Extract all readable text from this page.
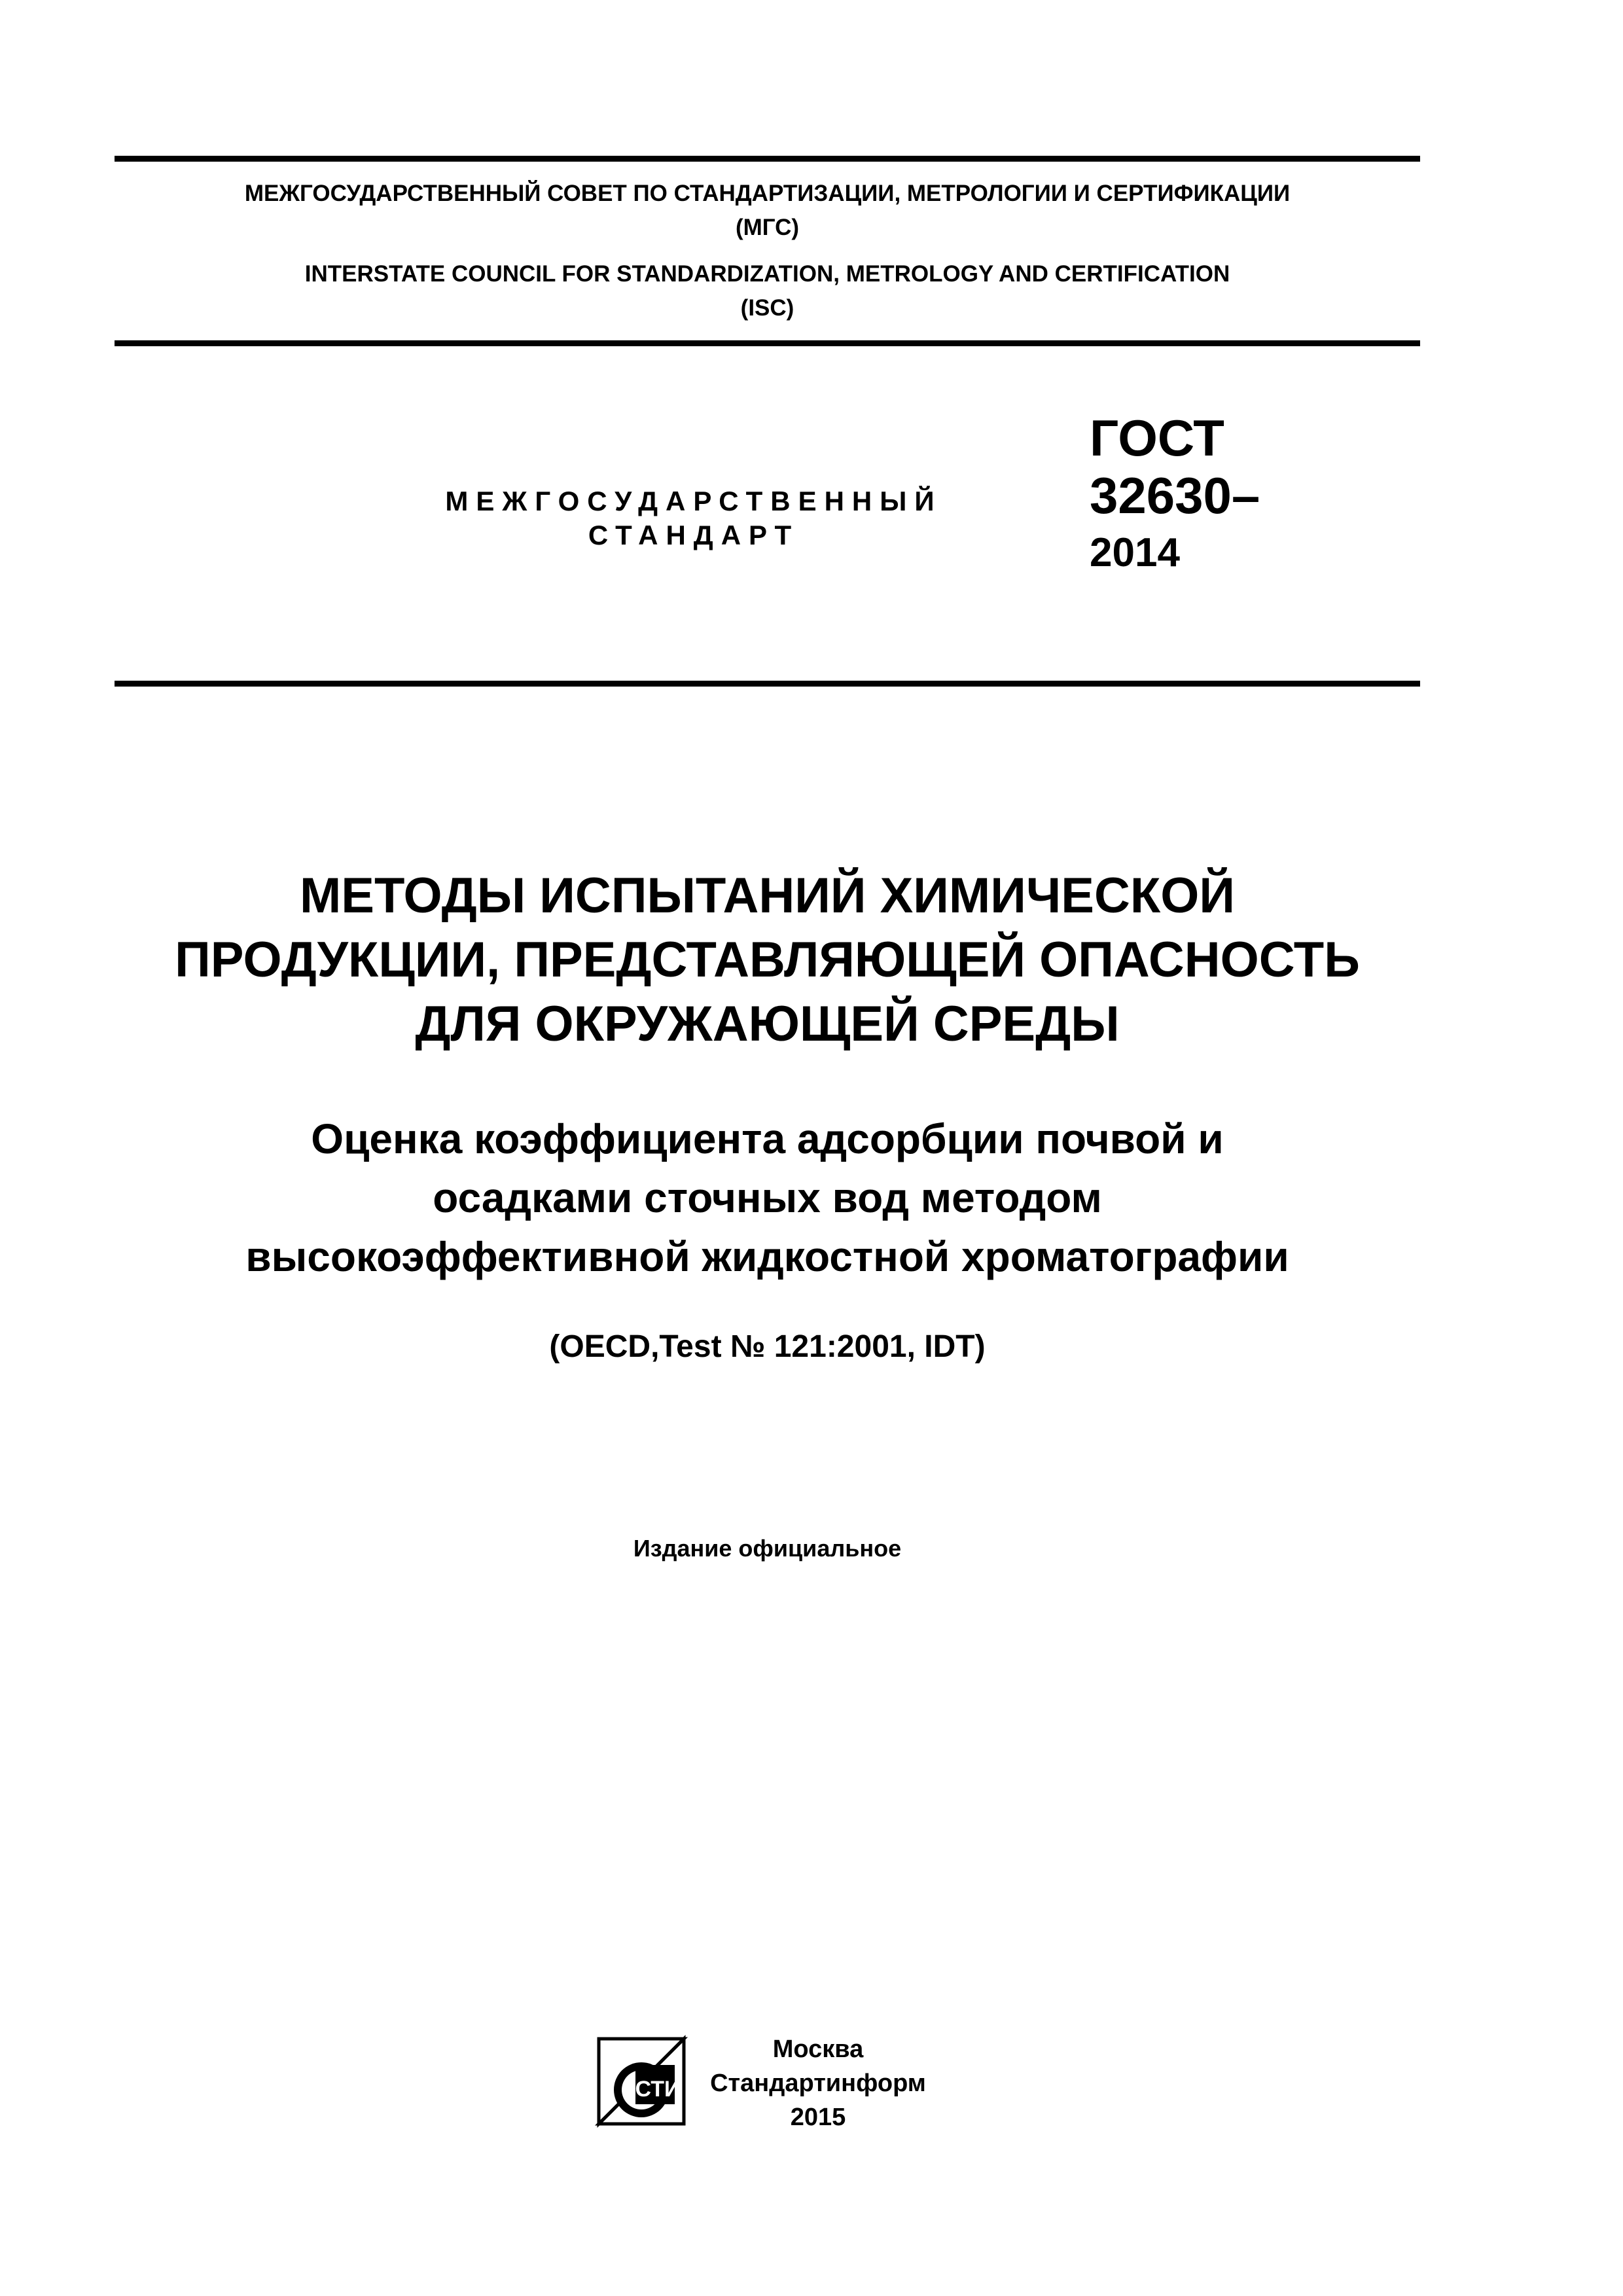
МЕЖГОСУДАРСТВЕННЫЙ СОВЕТ ПО СТАНДАРТИЗАЦИИ, МЕТРОЛОГИИ И СЕРТИФИКАЦИИ

(МГС)

INTERSTATE COUNCIL FOR STANDARDIZATION, METROLOGY AND CERTIFICATION

(ISC)

МЕЖГОСУДАРСТВЕННЫЙ

СТАНДАРТ

ГОСТ

32630–

2014

МЕТОДЫ ИСПЫТАНИЙ ХИМИЧЕСКОЙ

ПРОДУКЦИИ, ПРЕДСТАВЛЯЮЩЕЙ ОПАСНОСТЬ

ДЛЯ ОКРУЖАЮЩЕЙ СРЕДЫ

Оценка коэффициента адсорбции почвой и

осадками сточных вод методом

высокоэффективной жидкостной хроматографии

(OECD,Test № 121:2001, IDT)
Издание официальное
СТИ

Москва

Стандартинформ

2015
